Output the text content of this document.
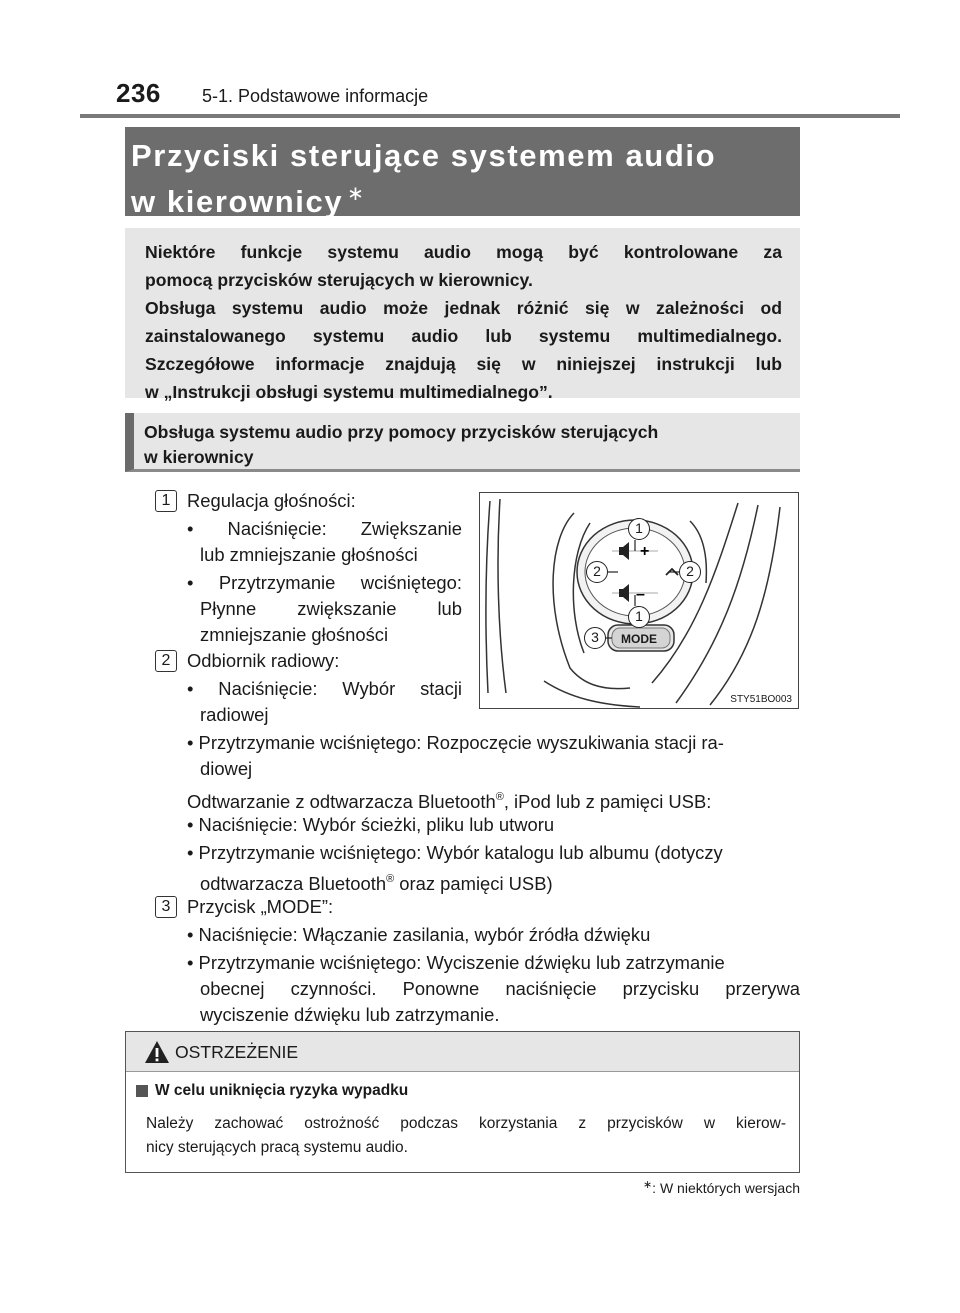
236 5-1. Podstawowe informacje
Przyciski sterujące systemem audio
w kierownicy ∗

Niektóre funkcje systemu audio mogą być kontrolowane za

pomocą przycisków sterujących w kierownicy.

Obsługa systemu audio może jednak różnić się w zależności od

zainstalowanego systemu audio lub systemu multimedialnego.

Szczegółowe informacje znajdują się w niniejszej instrukcji lub

w „Instrukcji obsługi systemu multimedialnego”.

Obsługa systemu audio przy pomocy przycisków sterujących
w kierownicy
1 Regulacja głośności:
• Naciśnięcie: Zwiększanie
lub zmniejszanie głośności
• Przytrzymanie wciśniętego:
Płynne zwiększanie lub
zmniejszanie głośności
2 Odbiornik radiowy:
• Naciśnięcie: Wybór stacji
radiowej
• Przytrzymanie wciśniętego: Rozpoczęcie wyszukiwania stacji ra-
diowej
Odtwarzanie z odtwarzacza Bluetooth®, iPod lub z pamięci USB:
• Naciśnięcie: Wybór ścieżki, pliku lub utworu
• Przytrzymanie wciśniętego: Wybór katalogu lub albumu (dotyczy
odtwarzacza Bluetooth® oraz pamięci USB)
3 Przycisk „MODE”:
• Naciśnięcie: Włączanie zasilania, wybór źródła dźwięku
• Przytrzymanie wciśniętego: Wyciszenie dźwięku lub zatrzymanie
obecnej czynności. Ponowne naciśnięcie przycisku przerywa
wyciszenie dźwięku lub zatrzymanie.
+
–
MODE
1
2	2
1
3
STY51BO003
OSTRZEŻENIE
W celu uniknięcia ryzyka wypadku
Należy zachować ostrożność podczas korzystania z przycisków w kierow-
nicy sterujących pracą systemu audio.
∗: W niektórych wersjach
